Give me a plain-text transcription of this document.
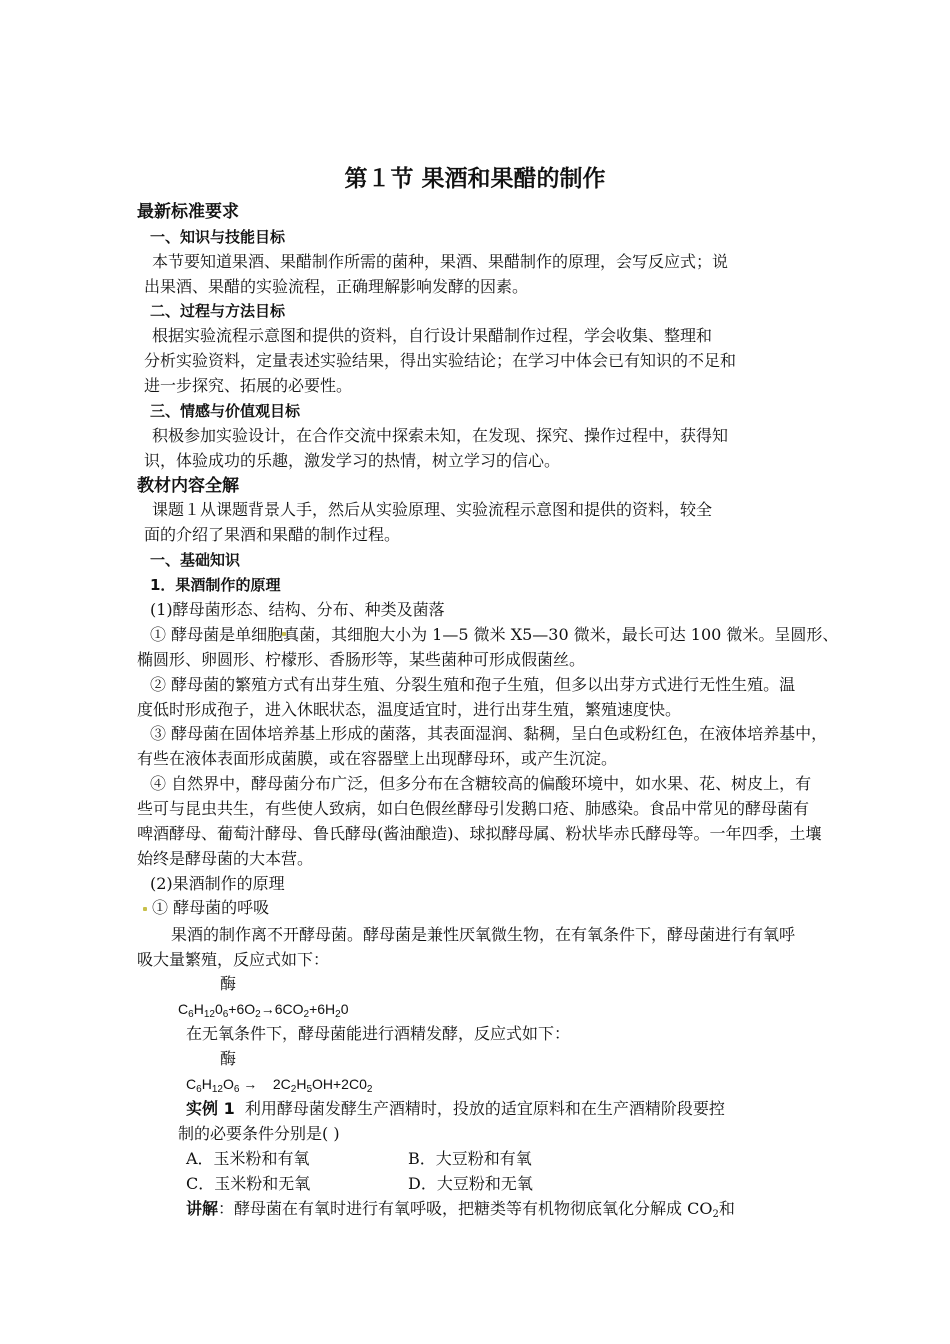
第１节 果酒和果醋的制作
最新标准要求
一、知识与技能目标
本节要知道果酒、果醋制作所需的菌种，果酒、果醋制作的原理，会写反应式；说
出果酒、果醋的实验流程，正确理解影响发酵的因素。
二、过程与方法目标
根据实验流程示意图和提供的资料，自行设计果醋制作过程，学会收集、整理和
分析实验资料，定量表述实验结果，得出实验结论；在学习中体会已有知识的不足和
进一步探究、拓展的必要性。
三、情感与价值观目标
积极参加实验设计，在合作交流中探索未知，在发现、探究、操作过程中，获得知
识，体验成功的乐趣，激发学习的热情，树立学习的信心。
教材内容全解
课题１从课题背景人手，然后从实验原理、实验流程示意图和提供的资料，较全
面的介绍了果酒和果醋的制作过程。
一、基础知识
1．果酒制作的原理
(1)酵母菌形态、结构、分布、种类及菌落
① 酵母菌是单细胞真菌，其细胞大小为 1—5 微米 X5—30 微米，最长可达 100 微米。呈圆形、
椭圆形、卵圆形、柠檬形、香肠形等，某些菌种可形成假菌丝。
② 酵母菌的繁殖方式有出芽生殖、分裂生殖和孢子生殖，但多以出芽方式进行无性生殖。温
度低时形成孢子，进入休眠状态，温度适宜时，进行出芽生殖，繁殖速度快。
③ 酵母菌在固体培养基上形成的菌落，其表面湿润、黏稠，呈白色或粉红色，在液体培养基中，
有些在液体表面形成菌膜，或在容器壁上出现酵母环，或产生沉淀。
④ 自然界中，酵母菌分布广泛，但多分布在含糖较高的偏酸环境中，如水果、花、树皮上，有
些可与昆虫共生，有些使人致病，如白色假丝酵母引发鹅口疮、肺感染。食品中常见的酵母菌有
啤酒酵母、葡萄汁酵母、鲁氏酵母(酱油酿造)、球拟酵母属、粉状毕赤氏酵母等。一年四季，土壤
始终是酵母菌的大本营。
(2)果酒制作的原理
① 酵母菌的呼吸
果酒的制作离不开酵母菌。酵母菌是兼性厌氧微生物，在有氧条件下，酵母菌进行有氧呼
吸大量繁殖，反应式如下：
酶
$C_6H_{12}0_6+6O_2\to 6CO_2+6H_20$
在无氧条件下，酵母菌能进行酒精发酵，反应式如下：
酶
$C_6H_{12}O_6$ →    $2C_2H_5OH+2C0_2$
实例 1  利用酵母菌发酵生产酒精时，投放的适宜原料和在生产酒精阶段要控
制的必要条件分别是( )
A．玉米粉和有氧	B．大豆粉和有氧
C．玉米粉和无氧	D．大豆粉和无氧
讲解：酵母菌在有氧时进行有氧呼吸，把糖类等有机物彻底氧化分解成 $CO_2$和
